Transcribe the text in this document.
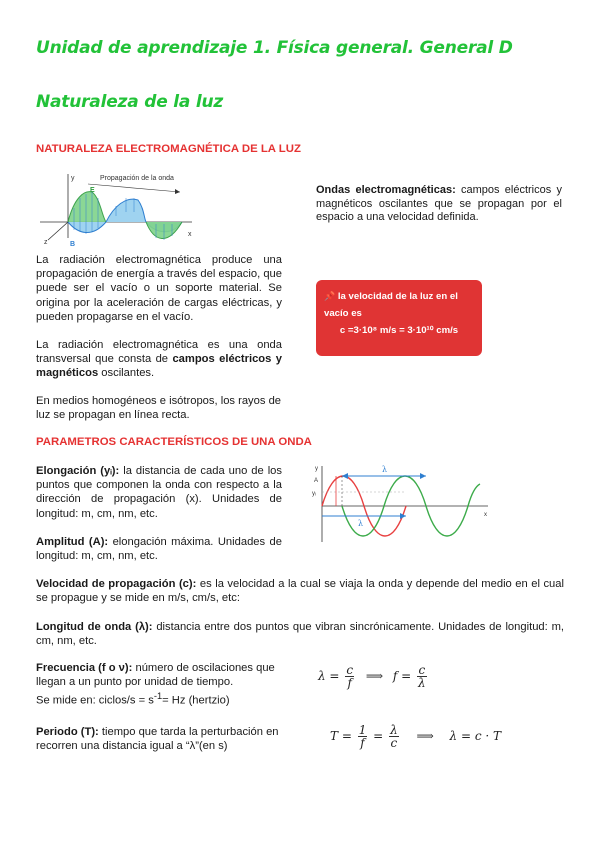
Unidad de aprendizaje 1. Física general. General D
Naturaleza de la luz
NATURALEZA ELECTROMAGNÉTICA DE LA LUZ
Propagación de la onda
y
x
z
E
B
Ondas electromagnéticas: campos eléctricos y magnéticos oscilantes que se propagan por el espacio a una velocidad definida.
La radiación electromagnética produce una propagación de energía a través del espacio, que puede ser el vacío o un soporte material. Se origina por la aceleración de cargas eléctricas, y pueden propagarse en el vacío.
La radiación electromagnética es una onda transversal que consta de campos eléctricos y magnéticos oscilantes.
En medios homogéneos e isótropos, los rayos de luz se propagan en línea recta.
📌 la velocidad de la luz en el vacío es
c =3·10⁸ m/s = 3·10¹⁰ cm/s
PARAMETROS CARACTERÍSTICOS DE UNA ONDA
Elongación (yᵢ): la distancia de cada uno de los puntos que componen la onda con respecto a la dirección de propagación (x). Unidades de longitud: m, cm, nm, etc.
λ
λ
y
yᵢ
A
x
Amplitud (A): elongación máxima. Unidades de longitud: m, cm, nm, etc.
Velocidad de propagación (c): es la velocidad a la cual se viaja la onda y depende del medio en el cual se propague y se mide en m/s, cm/s, etc:
Longitud de onda (λ): distancia entre dos puntos que vibran sincrónicamente. Unidades de longitud: m, cm, nm, etc.
Frecuencia (f o ν): número de oscilaciones que llegan a un punto por unidad de tiempo.
Se mide en: ciclos/s = $s^{-1}= Hz$ (hertzio)
$\lambda = \frac{c}{f}$ ⟹ $f = \frac{c}{\lambda}$
Periodo (T): tiempo que tarda la perturbación en recorren una distancia igual a “λ”(en s)
$T = \frac{1}{f} = \frac{\lambda}{c}$ ⟹ λ = c · T
